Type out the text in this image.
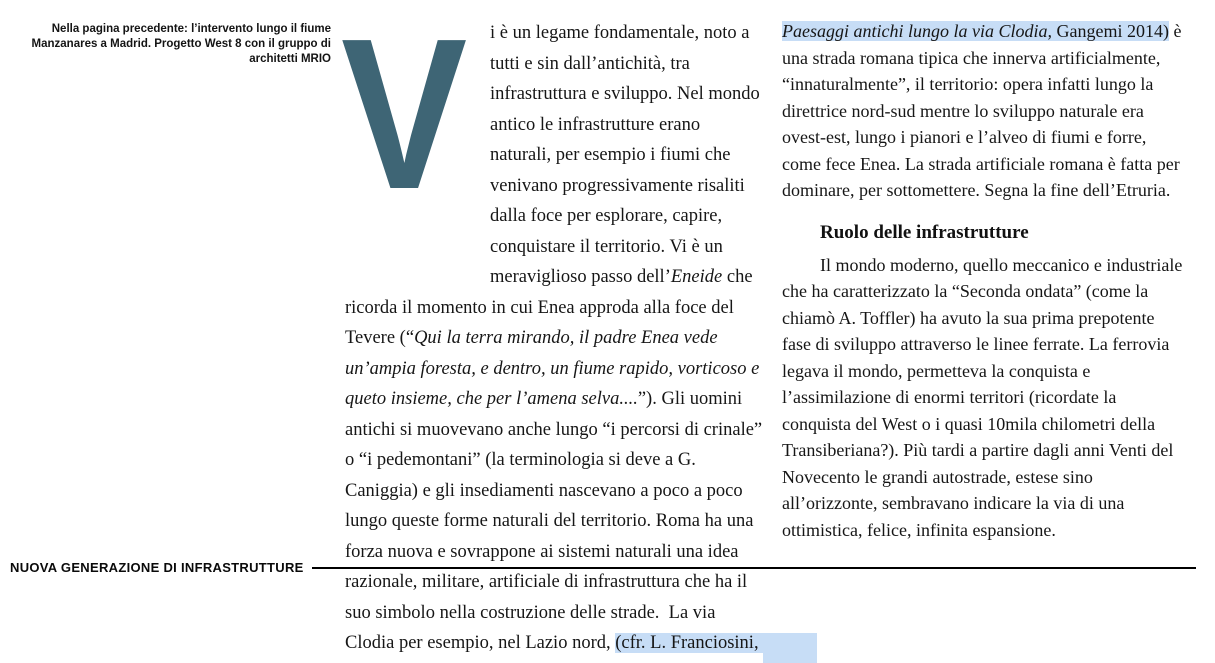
Nella pagina precedente: l’intervento lungo il fiume
Manzanares a Madrid. Progetto West 8 con il gruppo di
architetti MRIO V	i è un legame fondamentale, noto a tutti e sin dall’antichità, tra infrastruttura e sviluppo. Nel mondo antico le infrastrutture erano naturali, per esempio i fiumi che venivano progressivamente risaliti dalla foce per esplorare, capire, conquistare il territorio. Vi è un meraviglioso passo dell’Eneide che ricorda il momento in cui Enea approda alla foce del Tevere (“Qui la terra mirando, il padre Enea vede un’ampia foresta, e dentro, un fiume rapido, vorticoso e queto insieme, che per l’amena selva....”). Gli uomini antichi si muovevano anche lungo “i percorsi di crinale” o “i pedemontani” (la terminologia si deve a G. Caniggia) e gli insediamenti nascevano a poco a poco lungo queste forme naturali del territorio. Roma ha una forza nuova e sovrappone ai sistemi naturali una idea razionale, militare, artificiale di infrastruttura che ha il suo simbolo nella costruzione delle strade.  La via Clodia per esempio, nel Lazio nord, (cfr. L. Franciosini,

Paesaggi antichi lungo la via Clodia, Gangemi 2014) è una strada romana tipica che innerva artificialmente, “innaturalmente”, il territorio: opera infatti lungo la direttrice nord-sud mentre lo sviluppo naturale era ovest-est, lungo i pianori e l’alveo di fiumi e forre, come fece Enea. La strada artificiale romana è fatta per dominare, per sottomettere. Segna la fine dell’Etruria.

Ruolo delle infrastrutture

Il mondo moderno, quello meccanico e industriale che ha caratterizzato la “Seconda ondata” (come la chiamò A. Toffler) ha avuto la sua prima prepotente fase di sviluppo attraverso le linee ferrate. La ferrovia legava il mondo, permetteva la conquista e l’assimilazione di enormi territori (ricordate la conquista del West o i quasi 10mila chilometri della Transiberiana?). Più tardi a partire dagli anni Venti del Novecento le grandi autostrade, estese sino all’orizzonte, sembravano indicare la via di una ottimistica, felice, infinita espansione.

NUOVA GENERAZIONE DI INFRASTRUTTURE
